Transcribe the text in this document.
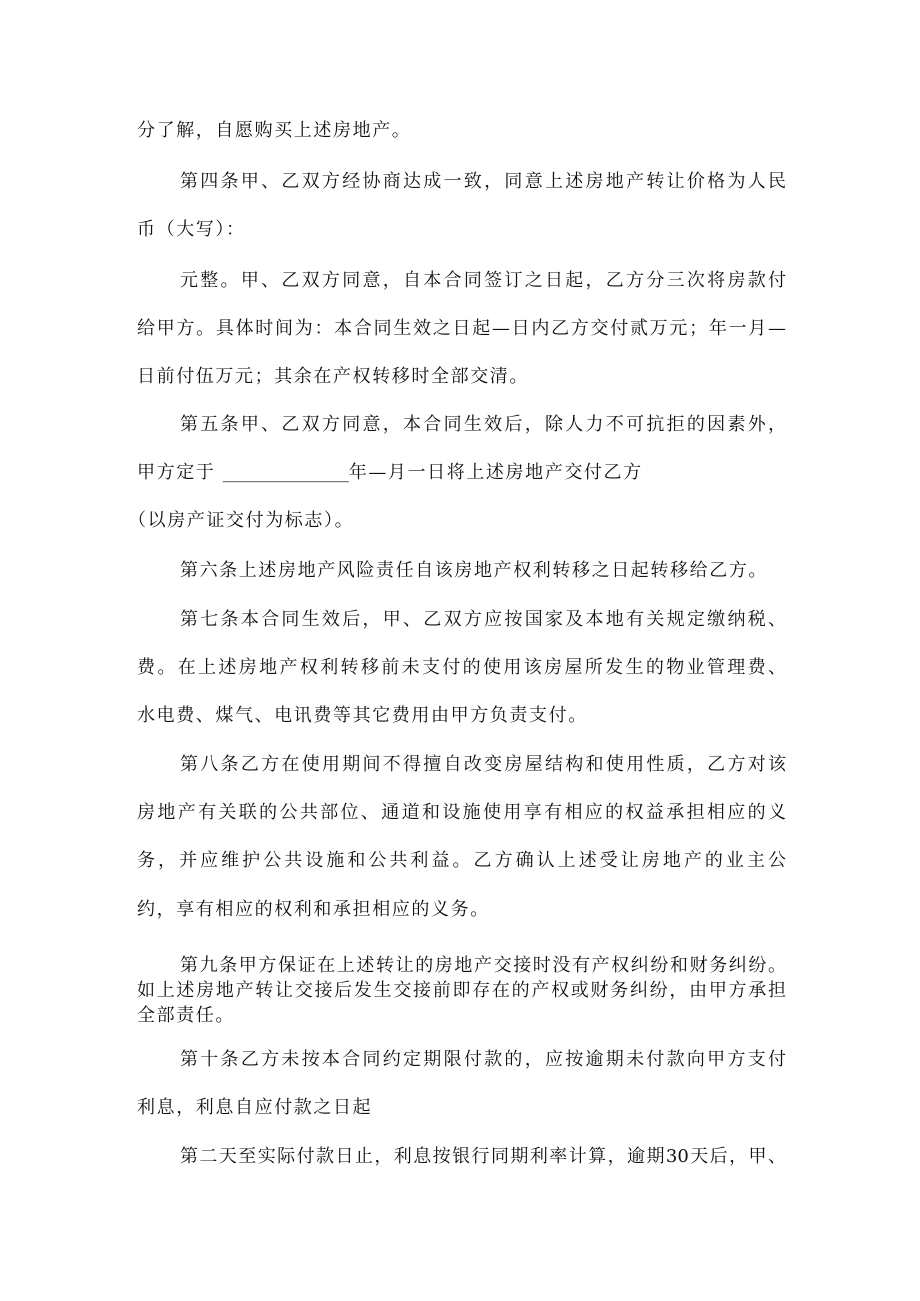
分了解，自愿购买上述房地产。
第四条甲、乙双方经协商达成一致，同意上述房地产转让价格为人民
币（大写）：
元整。甲、乙双方同意，自本合同签订之日起，乙方分三次将房款付
给甲方。具体时间为：本合同生效之日起—日内乙方交付贰万元；年一月—
日前付伍万元；其余在产权转移时全部交清。
第五条甲、乙双方同意，本合同生效后，除人力不可抗拒的因素外，
甲方定于 ______________年—月一日将上述房地产交付乙方
（以房产证交付为标志）。
第六条上述房地产风险责任自该房地产权利转移之日起转移给乙方。
第七条本合同生效后，甲、乙双方应按国家及本地有关规定缴纳税、
费。在上述房地产权利转移前未支付的使用该房屋所发生的物业管理费、
水电费、煤气、电讯费等其它费用由甲方负责支付。
第八条乙方在使用期间不得擅自改变房屋结构和使用性质，乙方对该
房地产有关联的公共部位、通道和设施使用享有相应的权益承担相应的义
务，并应维护公共设施和公共利益。乙方确认上述受让房地产的业主公
约，享有相应的权利和承担相应的义务。
第九条甲方保证在上述转让的房地产交接时没有产权纠纷和财务纠纷。
如上述房地产转让交接后发生交接前即存在的产权或财务纠纷，由甲方承担
全部责任。
第十条乙方未按本合同约定期限付款的，应按逾期未付款向甲方支付
利息，利息自应付款之日起
第二天至实际付款日止，利息按银行同期利率计算，逾期30天后，甲、
